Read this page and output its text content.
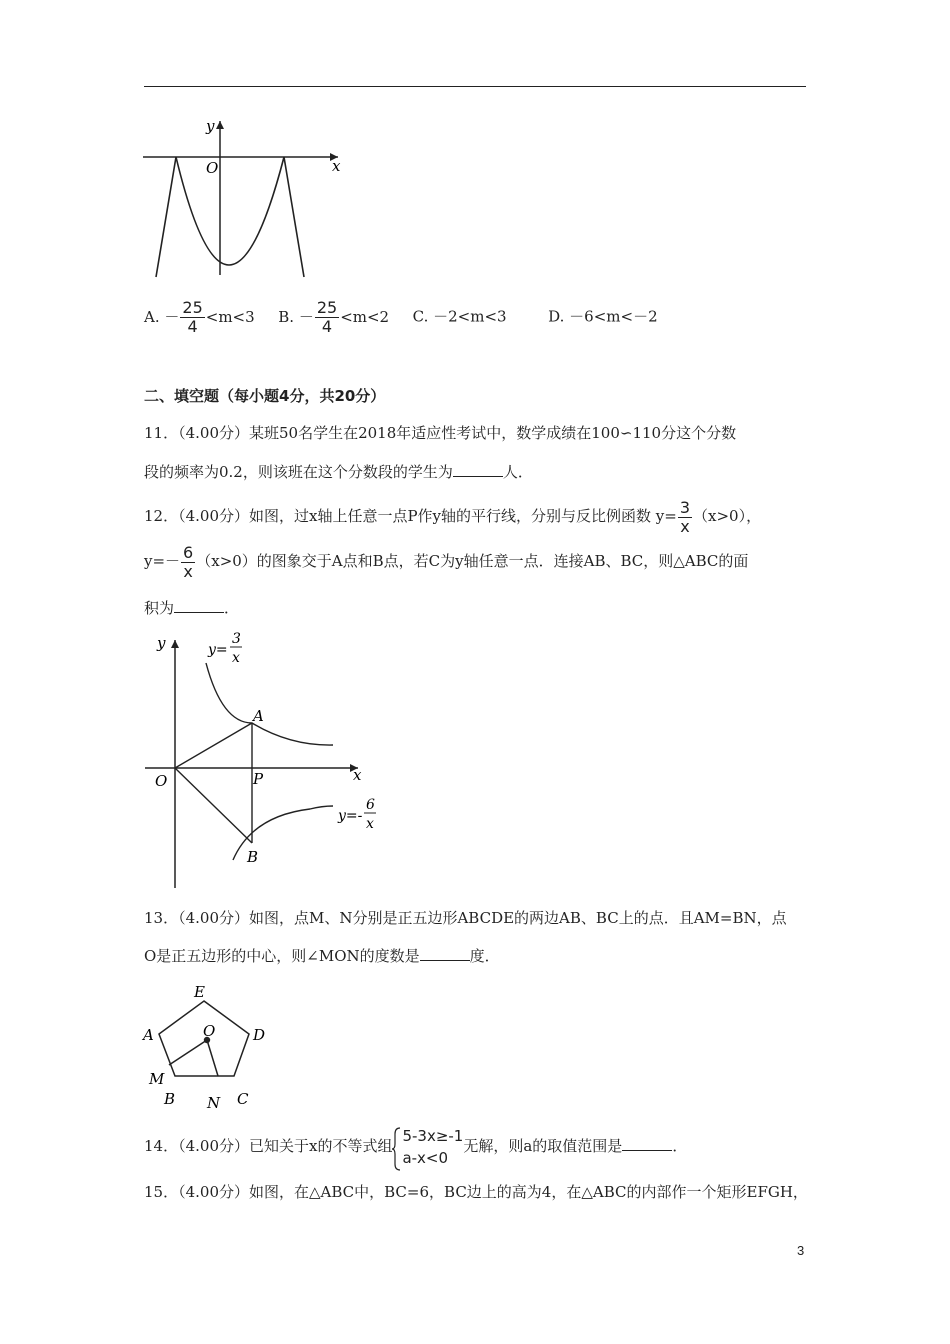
y
x
O
A. － $\frac{25}{4} <m<3$ B. － $\frac{25}{4} <m<2$ C. －2<m<3	D. －6<m<－2
二、填空题（每小题4分，共20分）
11．（4.00分）某班50名学生在2018年适应性考试中，数学成绩在100∽110分这个分数
段的频率为0.2，则该班在这个分数段的学生为	人．
12．（4.00分）如图，过x轴上任意一点P作y轴的平行线，分别与反比例函数 $y= \frac{3}{x} (x>0)$，
$y=- \frac{6}{x} (x>0)$的图象交于A点和B点，若C为y轴任意一点．连接AB、BC，则△ABC的面
积为	．
y
x
O
A
P
B
y=
3
x
y=-
6
x
13．（4.00分）如图，点M、N分别是正五边形ABCDE的两边AB、BC上的点．且AM=BN，点
O是正五边形的中心，则∠MON的度数是	度．
E
A	D
O
M
B N C
14．（4.00分）已知关于x的不等式组
5-3x≥-1
a-x<0
无解，则a的取值范围是	．
15．（4.00分）如图，在△ABC中，BC=6，BC边上的高为4，在△ABC的内部作一个矩形EFGH，
3
